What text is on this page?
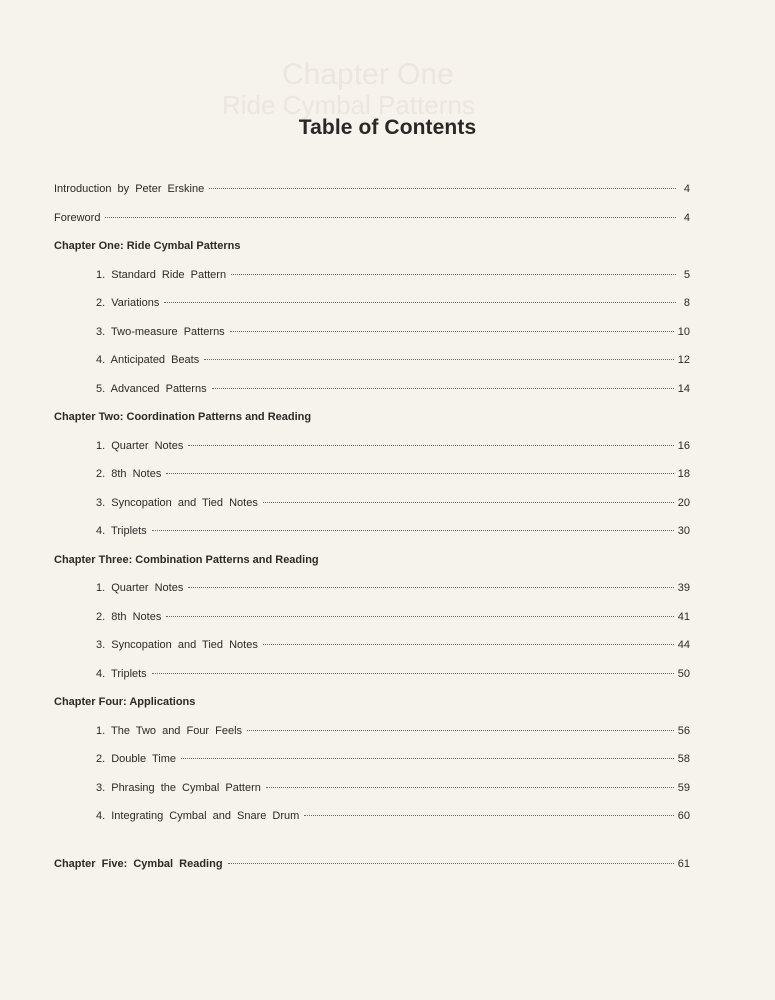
Chapter One
Ride Cymbal Patterns
Table of Contents
Introduction by Peter Erskine	4
Foreword	4
Chapter One: Ride Cymbal Patterns
1. Standard Ride Pattern	5
2. Variations	8
3. Two-measure Patterns	10
4. Anticipated Beats	12
5. Advanced Patterns	14
Chapter Two: Coordination Patterns and Reading
1. Quarter Notes	16
2. 8th Notes	18
3. Syncopation and Tied Notes	20
4. Triplets	30
Chapter Three: Combination Patterns and Reading
1. Quarter Notes	39
2. 8th Notes	41
3. Syncopation and Tied Notes	44
4. Triplets	50
Chapter Four: Applications
1. The Two and Four Feels	56
2. Double Time	58
3. Phrasing the Cymbal Pattern	59
4. Integrating Cymbal and Snare Drum	60
Chapter Five: Cymbal Reading	61
